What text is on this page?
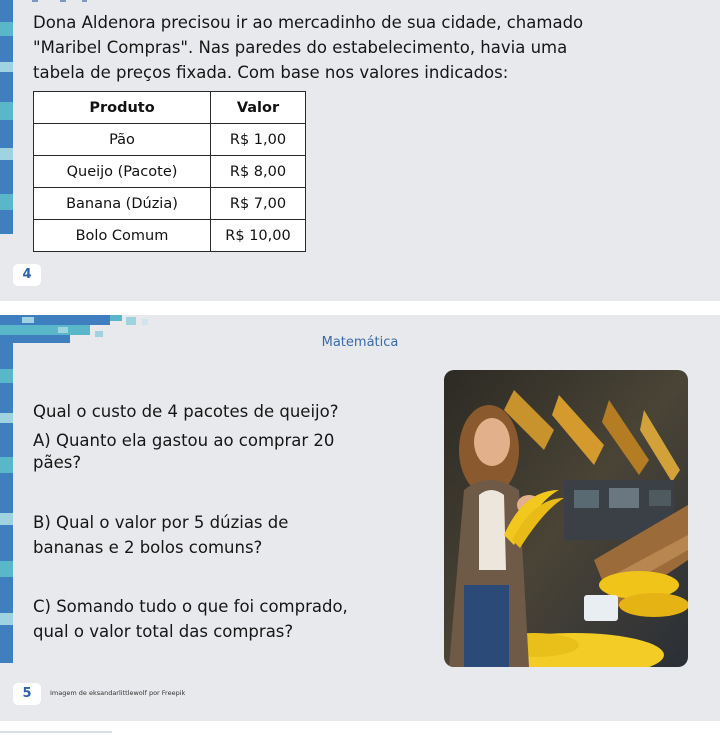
Dona Aldenora precisou ir ao mercadinho de sua cidade, chamado

"Maribel Compras". Nas paredes do estabelecimento, havia uma

tabela de preços fixada. Com base nos valores indicados:

Produto	Valor
Pão	R$ 1,00
Queijo (Pacote)	R$ 8,00
Banana (Dúzia)	R$ 7,00
Bolo Comum	R$ 10,00
4
Matemática

Qual o custo de 4 pacotes de queijo?

A) Quanto ela gastou ao comprar 20

pães?

B) Qual o valor por 5 dúzias de

bananas e 2 bolos comuns?

C) Somando tudo o que foi comprado,

qual o valor total das compras?

5	Imagem de eksandarlittlewolf por Freepik
